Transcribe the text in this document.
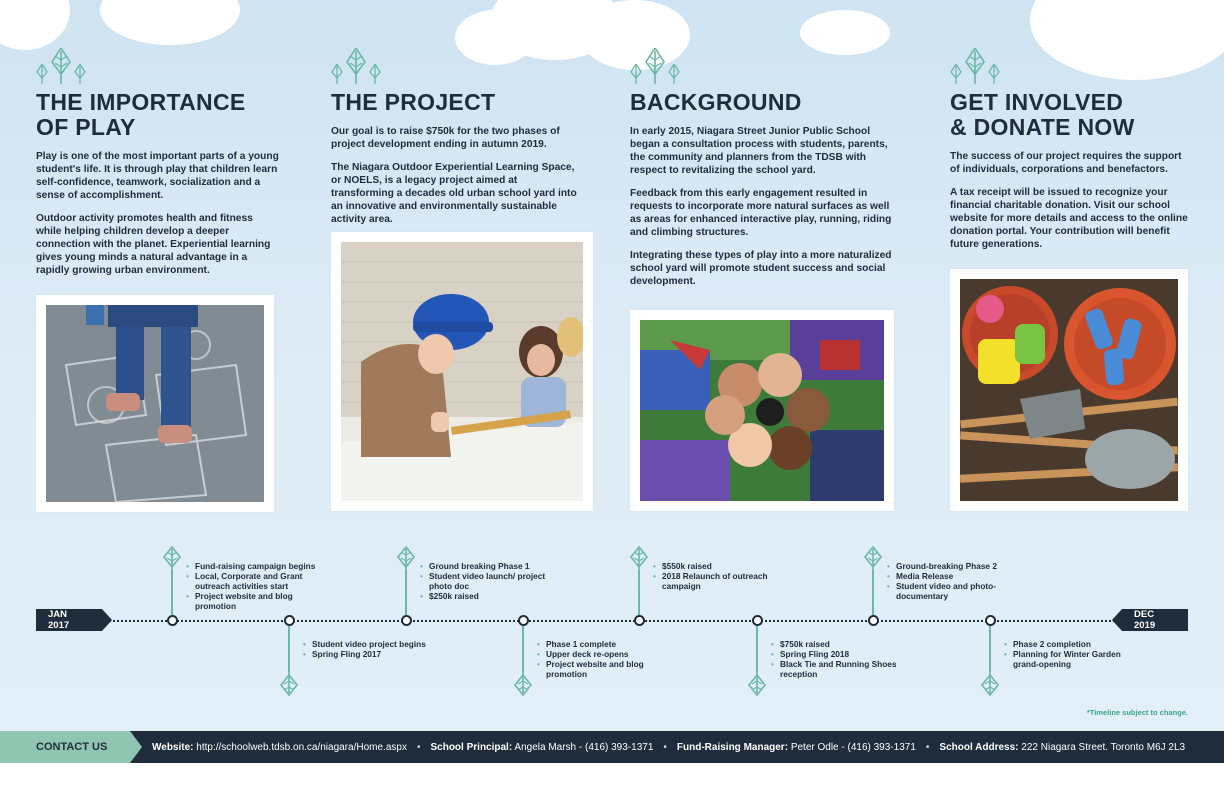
THE IMPORTANCE
OF PLAY

Play is one of the most important parts of a young student's life. It is through play that children learn self-confidence, teamwork, socialization and a sense of accomplishment.

Outdoor activity promotes health and fitness while helping children develop a deeper connection with the planet. Experiential learning gives young minds a natural advantage in a rapidly growing urban environment.

THE PROJECT

Our goal is to raise $750k for the two phases of project development ending in autumn 2019.

The Niagara Outdoor Experiential Learning Space, or NOELS, is a legacy project aimed at transforming a decades old urban school yard into an innovative and environmentally sustainable activity area.

BACKGROUND

In early 2015, Niagara Street Junior Public School began a consultation process with students, parents, the community and planners from the TDSB with respect to revitalizing the school yard.

Feedback from this early engagement resulted in requests to incorporate more natural surfaces as well as areas for enhanced interactive play, running, riding and climbing structures.

Integrating these types of play into a more naturalized school yard will promote student success and social development.

GET INVOLVED
& DONATE NOW

The success of our project requires the support of individuals, corporations and benefactors.

A tax receipt will be issued to recognize your financial charitable donation. Visit our school website for more details and access to the online donation portal. Your contribution will benefit future generations.

JAN 2017
DEC 2019
• Fund-raising campaign begins
• Local, Corporate and Grant outreach activities start
• Project website and blog promotion
• Student video project begins
• Spring Fling 2017
• Ground breaking Phase 1
• Student video launch/ project photo doc
• $250k raised
• Phase 1 complete
• Upper deck re-opens
• Project website and blog promotion
• $550k raised
• 2018 Relaunch of outreach campaign
• $750k raised
• Spring Fling 2018
• Black Tie and Running Shoes reception
• Ground-breaking Phase 2
• Media Release
• Student video and photo-documentary
• Phase 2 completion
• Planning for Winter Garden grand-opening
*Timeline subject to change.
CONTACT US	Website: http://schoolweb.tdsb.on.ca/niagara/Home.aspx • School Principal: Angela Marsh - (416) 393-1371 • Fund-Raising Manager: Peter Odle - (416) 393-1371 • School Address: 222 Niagara Street. Toronto M6J 2L3
